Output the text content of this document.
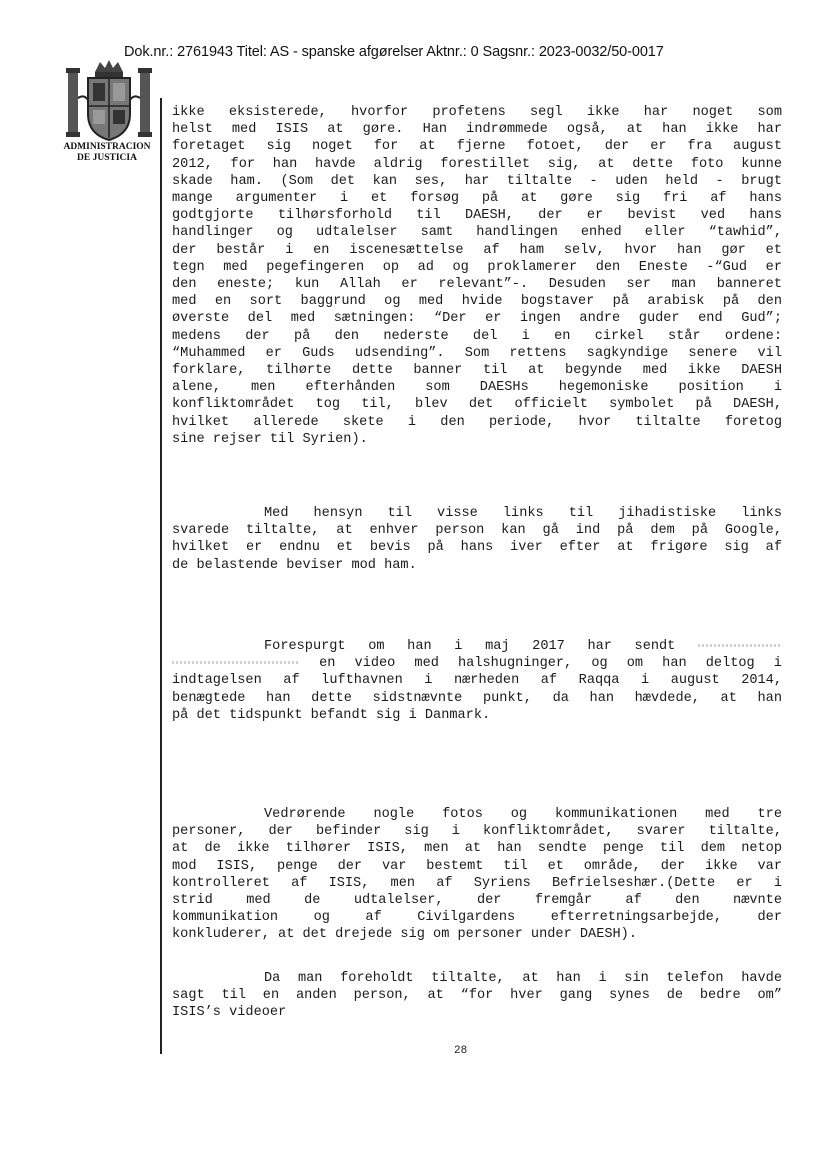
Dok.nr.: 2761943 Titel: AS - spanske afgørelser Aktnr.: 0 Sagsnr.: 2023-0032/50-0017
ADMINISTRACION
DE JUSTICIA
ikke eksisterede, hvorfor profetens segl ikke har noget som
helst med ISIS at gøre. Han indrømmede også, at han ikke har
foretaget sig noget for at fjerne fotoet, der er fra august
2012, for han havde aldrig forestillet sig, at dette foto kunne
skade ham. (Som det kan ses, har tiltalte - uden held - brugt
mange argumenter i et forsøg på at gøre sig fri af hans
godtgjorte tilhørsforhold til DAESH, der er bevist ved hans
handlinger og udtalelser samt handlingen enhed eller “tawhid”,
der består i en iscenesættelse af ham selv, hvor han gør et
tegn med pegefingeren op ad og proklamerer den Eneste -“Gud er
den eneste; kun Allah er relevant”-. Desuden ser man banneret
med en sort baggrund og med hvide bogstaver på arabisk på den
øverste del med sætningen: “Der er ingen andre guder end Gud”;
medens der på den nederste del i en cirkel står ordene:
“Muhammed er Guds udsending”. Som rettens sagkyndige senere vil
forklare, tilhørte dette banner til at begynde med ikke DAESH
alene, men efterhånden som DAESHs hegemoniske position i
konfliktområdet tog til, blev det officielt symbolet på DAESH,
hvilket allerede skete i den periode, hvor tiltalte foretog
sine rejser til Syrien).
Med hensyn til visse links til jihadistiske links
svarede tiltalte, at enhver person kan gå ind på dem på Google,
hvilket er endnu et bevis på hans iver efter at frigøre sig af
de belastende beviser mod ham.
Forespurgt om han i maj 2017 har sendt
en video med halshugninger, og om han deltog i
indtagelsen af lufthavnen i nærheden af Raqqa i august 2014,
benægtede han dette sidstnævnte punkt, da han hævdede, at han
på det tidspunkt befandt sig i Danmark.
Vedrørende nogle fotos og kommunikationen med tre
personer, der befinder sig i konfliktområdet, svarer tiltalte,
at de ikke tilhører ISIS, men at han sendte penge til dem netop
mod ISIS, penge der var bestemt til et område, der ikke var
kontrolleret af ISIS, men af Syriens Befrielseshær.(Dette er i
strid med de udtalelser, der fremgår af den nævnte
kommunikation og af Civilgardens efterretningsarbejde, der
konkluderer, at det drejede sig om personer under DAESH).
Da man foreholdt tiltalte, at han i sin telefon havde
sagt til en anden person, at “for hver gang synes de bedre om”
ISIS’s videoer
28
